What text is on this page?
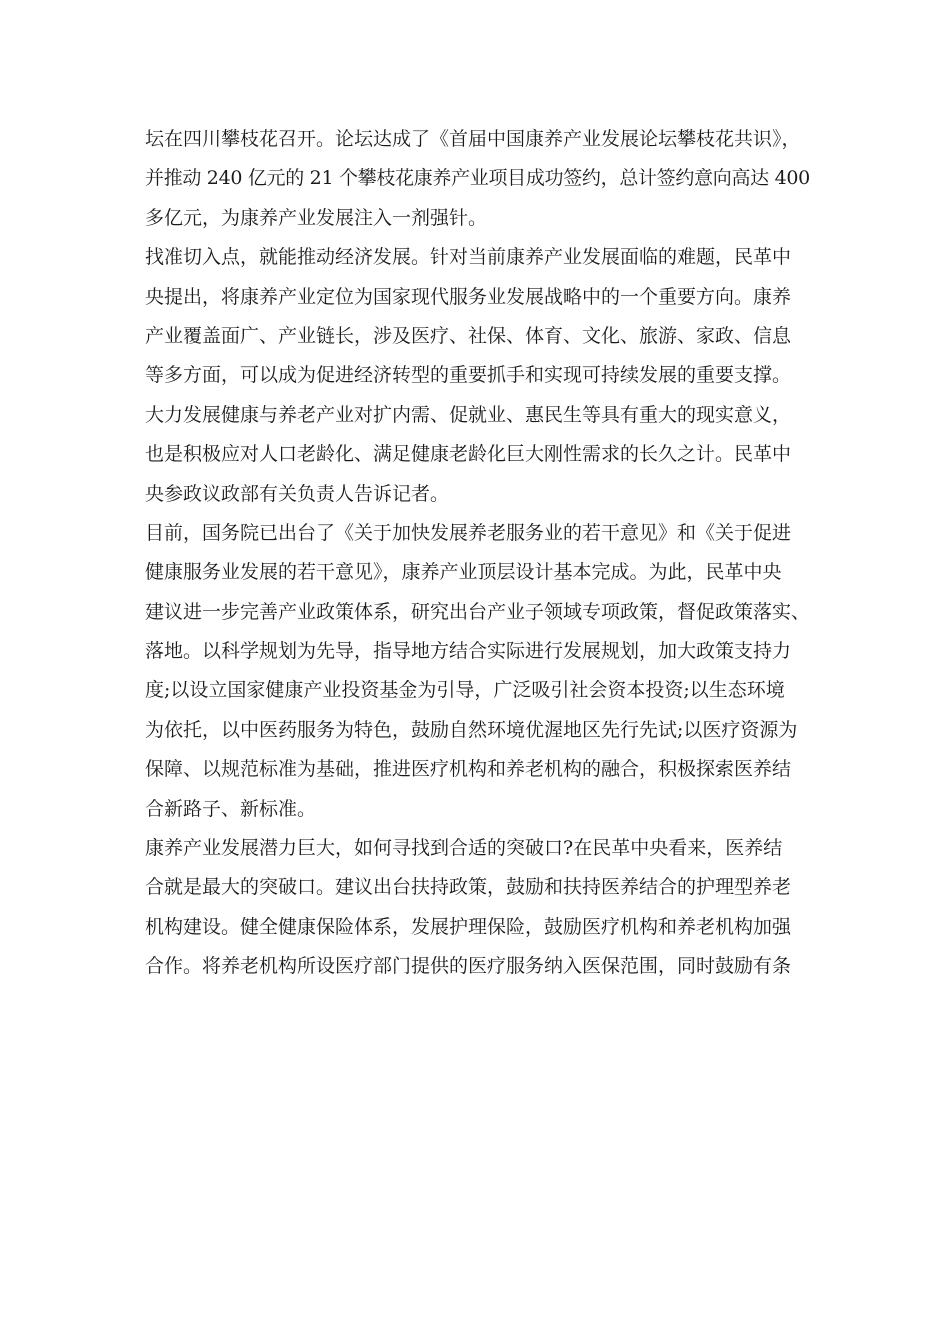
坛在四川攀枝花召开。论坛达成了《首届中国康养产业发展论坛攀枝花共识》，
并推动 240 亿元的 21 个攀枝花康养产业项目成功签约，总计签约意向高达 400
多亿元，为康养产业发展注入一剂强针。

找准切入点，就能推动经济发展。针对当前康养产业发展面临的难题，民革中
央提出，将康养产业定位为国家现代服务业发展战略中的一个重要方向。康养
产业覆盖面广、产业链长，涉及医疗、社保、体育、文化、旅游、家政、信息
等多方面，可以成为促进经济转型的重要抓手和实现可持续发展的重要支撑。
大力发展健康与养老产业对扩内需、促就业、惠民生等具有重大的现实意义，
也是积极应对人口老龄化、满足健康老龄化巨大刚性需求的长久之计。民革中
央参政议政部有关负责人告诉记者。

目前，国务院已出台了《关于加快发展养老服务业的若干意见》和《关于促进
健康服务业发展的若干意见》，康养产业顶层设计基本完成。为此，民革中央
建议进一步完善产业政策体系，研究出台产业子领域专项政策，督促政策落实、
落地。以科学规划为先导，指导地方结合实际进行发展规划，加大政策支持力
度;以设立国家健康产业投资基金为引导，广泛吸引社会资本投资;以生态环境
为依托，以中医药服务为特色，鼓励自然环境优渥地区先行先试;以医疗资源为
保障、以规范标准为基础，推进医疗机构和养老机构的融合，积极探索医养结
合新路子、新标准。

康养产业发展潜力巨大，如何寻找到合适的突破口?在民革中央看来，医养结
合就是最大的突破口。建议出台扶持政策，鼓励和扶持医养结合的护理型养老
机构建设。健全健康保险体系，发展护理保险，鼓励医疗机构和养老机构加强
合作。将养老机构所设医疗部门提供的医疗服务纳入医保范围，同时鼓励有条
